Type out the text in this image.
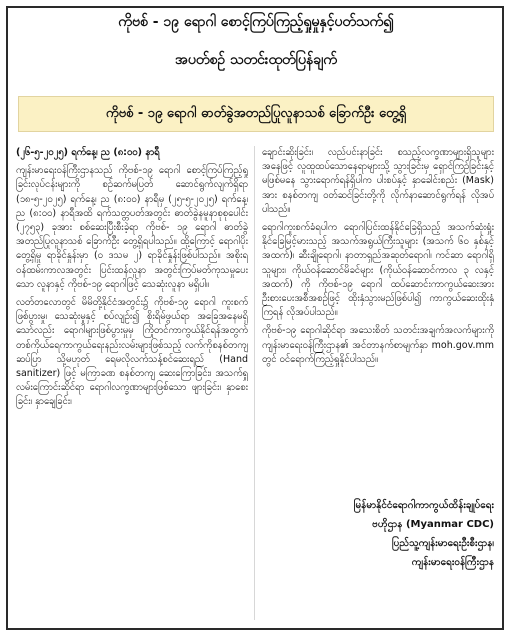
ကိုဗစ် - ၁၉ ရောဂါ စောင့်ကြပ်ကြည့်ရှုမှုနှင့်ပတ်သက်၍
အပတ်စဉ် သတင်းထုတ်ပြန်ချက်
ကိုဗစ် - ၁၉ ရောဂါ ဓာတ်ခွဲအတည်ပြုလူနာသစ် ခြောက်ဦး တွေ့ရှိ

(၂၆-၅-၂၀၂၅) ရက်နေ့၊ ည (၈:၀၀) နာရီ

ကျန်းမာရေးဝန်ကြီးဌာနသည် ကိုဗစ်-၁၉ ရောဂါ စောင့်ကြပ်ကြည့်ရှုခြင်းလုပ်ငန်းများကို စဉ်ဆက်မပြတ် ဆောင်ရွက်လျက်ရှိရာ (၁၈-၅-၂၀၂၅) ရက်နေ့၊ ည (၈:၀၀) နာရီမှ (၂၅-၅-၂၀၂၅) ရက်နေ့၊ ည (၈:၀၀) နာရီအထိ ရက်သတ္တပတ်အတွင်း ဓာတ်ခွဲနမူနာစုစုပေါင်း (၂၇၅၃) ခုအား စစ်ဆေးပြီးစီးခဲ့ရာ ကိုဗစ်- ၁၉ ရောဂါ ဓာတ်ခွဲအတည်ပြုလူနာသစ် ခြောက်ဦး တွေ့ရှိရပါသည်။ ထို့ကြောင့် ရောဂါပိုးတွေ့ရှိမှု ရာခိုင်နှုန်းမှာ (၀ ဒသမ ၂) ရာခိုင်နှုန်းဖြစ်ပါသည်။ အစိုးရဝန်ထမ်းကာလအတွင်း ပြင်းထန်လူနာ အတွင်းကြပ်မတ်ကုသမှုပေးသော လူနာနှင့် ကိုဗစ်-၁၉ ရောဂါဖြင့် သေဆုံးလူနာ မရှိပါ။

လတ်တလောတွင် မိမိတို့နိုင်ငံအတွင်း၌ ကိုဗစ်-၁၉ ရောဂါ ကူးစက်ဖြစ်ပွားမှု၊ သေဆုံးမှုနှင့် စပ်လျဉ်း၍ စိုးရိမ်ဖွယ်ရာ အခြေအနေမရှိသော်လည်း ရောဂါများဖြစ်ပွားမှုမှ ကြိုတင်ကာကွယ်နိုင်ရန်အတွက် တစ်ကိုယ်ရေကာကွယ်ရေးနည်းလမ်းများဖြစ်သည့် လက်ကိုစနစ်တကျ ဆပ်ပြာ သို့မဟုတ် ရေမလိုလက်သန့်စင်ဆေးရည် (Hand sanitizer) ဖြင့် မကြာခဏ စနစ်တကျ ဆေးကြောခြင်း၊ အသက်ရှူလမ်းကြောင်းဆိုင်ရာ ရောဂါလက္ခဏာများဖြစ်သော ဖျားခြင်း၊ နှာစေးခြင်း၊ နှာချေခြင်း၊

ချောင်းဆိုးခြင်း၊ လည်ပင်းနာခြင်း စသည့်လက္ခဏာများရှိသူများအနေဖြင့် လူထူထပ်သောနေရာများသို့ သွားခြင်းမှ ရှောင်ကြဉ်ခြင်းနှင့် မဖြစ်မနေ သွားရောက်ရန်ရှိပါက ပါးစပ်နှင့် နှာခေါင်းစည်း (Mask) အား စနစ်တကျ ဝတ်ဆင်ခြင်းတို့ကို လိုက်နာဆောင်ရွက်ရန် လိုအပ်ပါသည်။

ရောဂါကူးစက်ခံရပါက ရောဂါပြင်းထန်နိုင်ခြေရှိသည့် အသက်ဆုံးရှုံးနိုင်ခြေမြင့်မားသည့် အသက်အရွယ်ကြီးသူများ (အသက် ၆၀ နှစ်နှင့်အထက်)၊ ဆီးချိုရောဂါ၊ နာတာရှည်အဆုတ်ရောဂါ၊ ကင်ဆာ ရောဂါရှိသူများ၊ ကိုယ်ဝန်ဆောင်မိခင်များ (ကိုယ်ဝန်ဆောင်ကာလ ၃ လနှင့်အထက်) ကို ကိုဗစ်-၁၉ ရောဂါ ထပ်ဆောင်းကာကွယ်ဆေးအား ဦးစားပေးအစီအစဉ်ဖြင့် ထိုးနှံသွားမည်ဖြစ်ပါ၍ ကာကွယ်ဆေးထိုးနှံကြရန် လိုအပ်ပါသည်။

ကိုဗစ်-၁၉ ရောဂါဆိုင်ရာ အသေးစိတ် သတင်းအချက်အလက်များကို ကျန်းမာရေးဝန်ကြီးဌာန၏ အင်တာနက်စာမျက်နှာ moh.gov.mm တွင် ဝင်ရောက်ကြည့်ရှုနိုင်ပါသည်။

မြန်မာနိုင်ငံရောဂါကာကွယ်ထိန်းချုပ်ရေး
ဗဟိုဌာန (Myanmar CDC)
ပြည်သူ့ကျန်းမာရေးဦးစီးဌာန၊
ကျန်းမာရေးဝန်ကြီးဌာန
